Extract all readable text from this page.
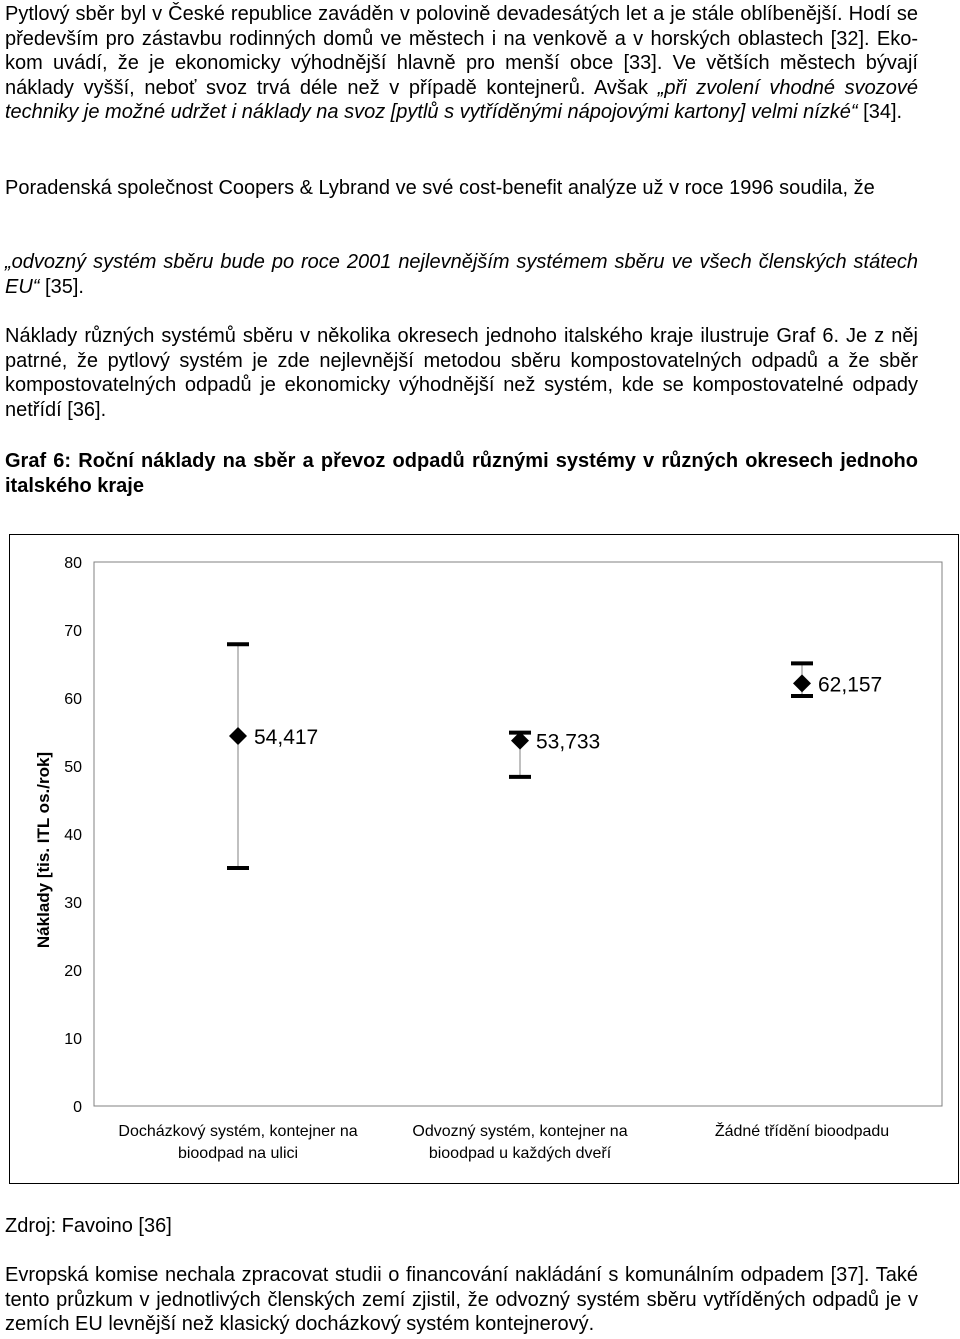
Pytlový sběr byl v České republice zaváděn v polovině devadesátých let a je stále oblíbenější. Hodí se především pro zástavbu rodinných domů ve městech i na venkově a v horských oblastech [32]. Eko-kom uvádí, že je ekonomicky výhodnější hlavně pro menší obce [33]. Ve větších městech bývají náklady vyšší, neboť svoz trvá déle než v případě kontejnerů. Avšak „při zvolení vhodné svozové techniky je možné udržet i náklady na svoz [pytlů s vytříděnými nápojovými kartony] velmi nízké“ [34].

Poradenská společnost Coopers & Lybrand ve své cost-benefit analýze už v roce 1996 soudila, že

„odvozný systém sběru bude po roce 2001 nejlevnějším systémem sběru ve všech členských státech EU“ [35].

Náklady různých systémů sběru v několika okresech jednoho italského kraje ilustruje Graf 6. Je z něj patrné, že pytlový systém je zde nejlevnější metodou sběru kompostovatelných odpadů a že sběr kompostovatelných odpadů je ekonomicky výhodnější než systém, kde se kompostovatelné odpady netřídí [36].

Graf 6: Roční náklady na sběr a převoz odpadů různými systémy v různých okresech jednoho italského kraje

0
10
20
30
40
50
60
70
80
Náklady [tis. ITL os./rok]
54,417	53,733
62,157
Docházkový systém, kontejner na
bioodpad na ulici
Odvozný systém, kontejner na
bioodpad u každých dveří
Žádné třídění bioodpadu

Zdroj: Favoino [36]

Evropská komise nechala zpracovat studii o financování nakládání s komunálním odpadem [37]. Také tento průzkum v jednotlivých členských zemí zjistil, že odvozný systém sběru vytříděných odpadů je v zemích EU levnější než klasický docházkový systém kontejnerový.
